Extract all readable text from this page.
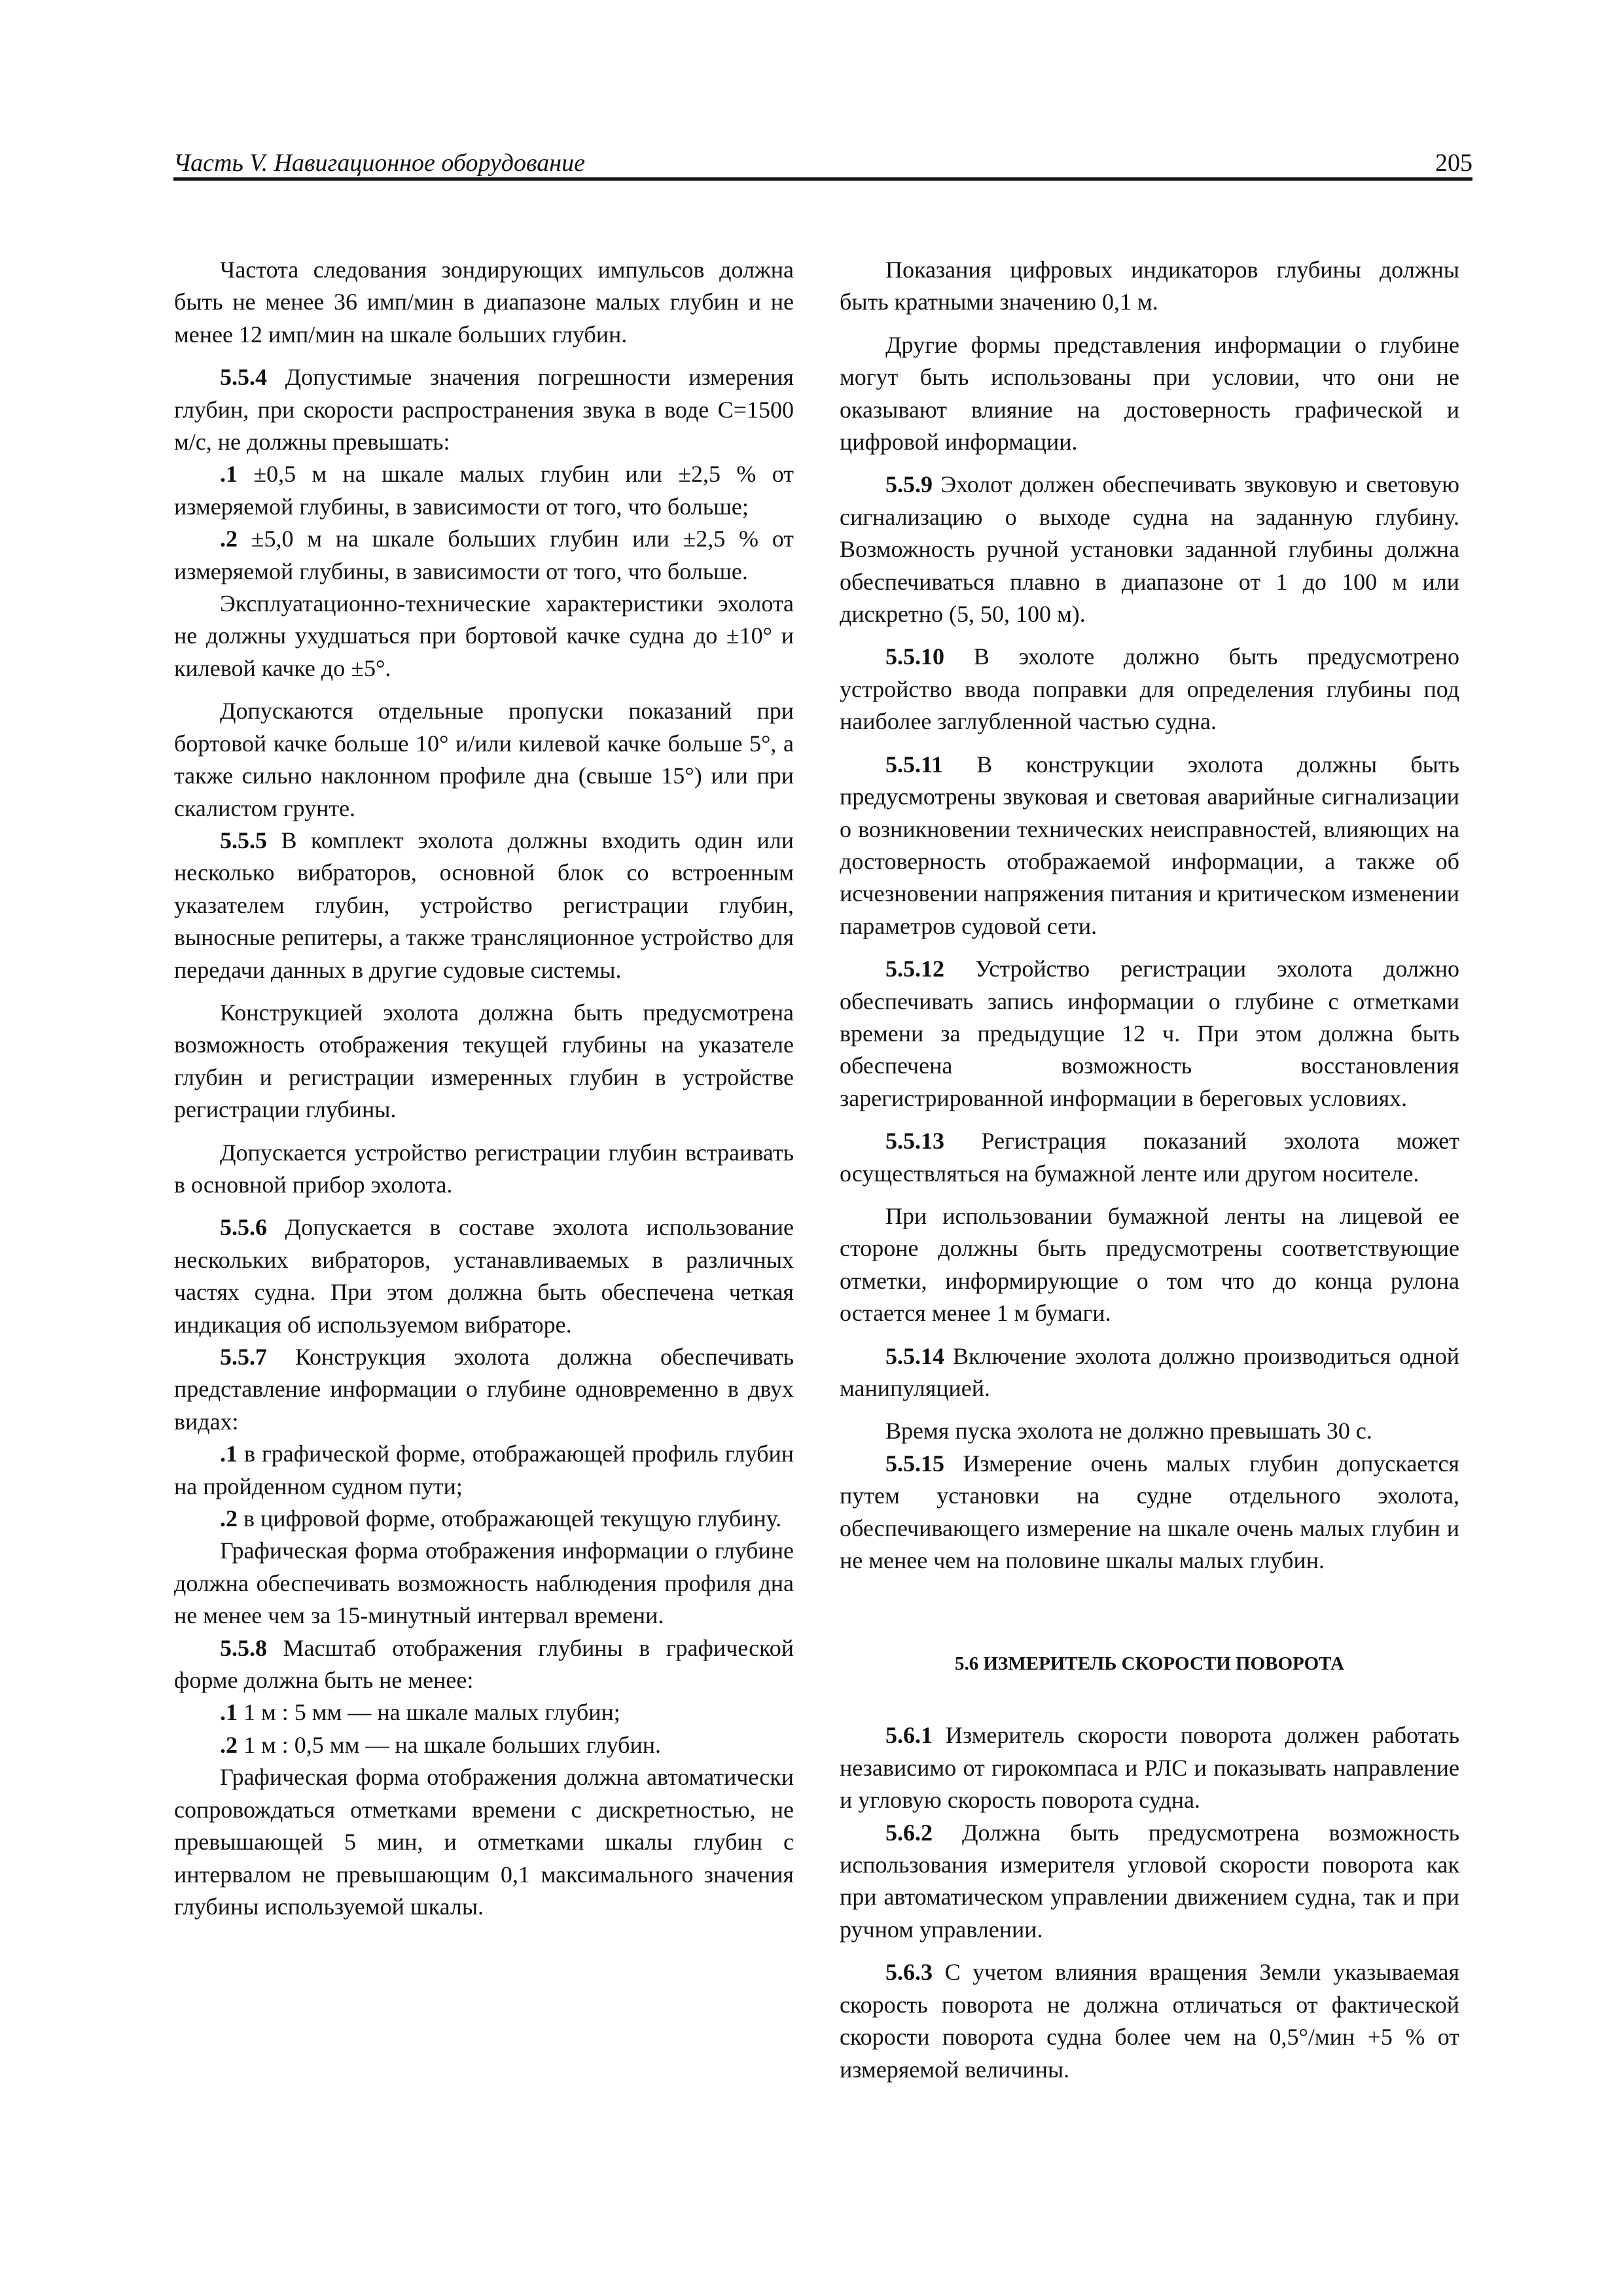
Часть V. Навигационное оборудование	205

Частота следования зондирующих импульсов должна быть не менее 36 имп/мин в диапазоне малых глубин и не менее 12 имп/мин на шкале больших глубин.

5.5.4 Допустимые значения погрешности измерения глубин, при скорости распространения звука в воде C=1500 м/с, не должны превышать:

.1 ±0,5 м на шкале малых глубин или ±2,5 % от измеряемой глубины, в зависимости от того, что больше;

.2 ±5,0 м на шкале больших глубин или ±2,5 % от измеряемой глубины, в зависимости от того, что больше.

Эксплуатационно-технические характеристики эхолота не должны ухудшаться при бортовой качке судна до ±10° и килевой качке до ±5°.

Допускаются отдельные пропуски показаний при бортовой качке больше 10° и/или килевой качке больше 5°, а также сильно наклонном профиле дна (свыше 15°) или при скалистом грунте.

5.5.5 В комплект эхолота должны входить один или несколько вибраторов, основной блок со встроенным указателем глубин, устройство регистрации глубин, выносные репитеры, а также трансляционное устройство для передачи данных в другие судовые системы.

Конструкцией эхолота должна быть предусмотрена возможность отображения текущей глубины на указателе глубин и регистрации измеренных глубин в устройстве регистрации глубины.

Допускается устройство регистрации глубин встраивать в основной прибор эхолота.

5.5.6 Допускается в составе эхолота использование нескольких вибраторов, устанавливаемых в различных частях судна. При этом должна быть обеспечена четкая индикация об используемом вибраторе.

5.5.7 Конструкция эхолота должна обеспечивать представление информации о глубине одновременно в двух видах:

.1 в графической форме, отображающей профиль глубин на пройденном судном пути;

.2 в цифровой форме, отображающей текущую глубину.

Графическая форма отображения информации о глубине должна обеспечивать возможность наблюдения профиля дна не менее чем за 15-минутный интервал времени.

5.5.8 Масштаб отображения глубины в графической форме должна быть не менее:

.1 1 м : 5 мм — на шкале малых глубин;

.2 1 м : 0,5 мм — на шкале больших глубин.

Графическая форма отображения должна автоматически сопровождаться отметками времени с дискретностью, не превышающей 5 мин, и отметками шкалы глубин с интервалом не превышающим 0,1 максимального значения глубины используемой шкалы.

Показания цифровых индикаторов глубины должны быть кратными значению 0,1 м.

Другие формы представления информации о глубине могут быть использованы при условии, что они не оказывают влияние на достоверность графической и цифровой информации.

5.5.9 Эхолот должен обеспечивать звуковую и световую сигнализацию о выходе судна на заданную глубину. Возможность ручной установки заданной глубины должна обеспечиваться плавно в диапазоне от 1 до 100 м или дискретно (5, 50, 100 м).

5.5.10 В эхолоте должно быть предусмотрено устройство ввода поправки для определения глубины под наиболее заглубленной частью судна.

5.5.11 В конструкции эхолота должны быть предусмотрены звуковая и световая аварийные сигнализации о возникновении технических неисправностей, влияющих на достоверность отображаемой информации, а также об исчезновении напряжения питания и критическом изменении параметров судовой сети.

5.5.12 Устройство регистрации эхолота должно обеспечивать запись информации о глубине с отметками времени за предыдущие 12 ч. При этом должна быть обеспечена возможность восстановления зарегистрированной информации в береговых условиях.

5.5.13 Регистрация показаний эхолота может осуществляться на бумажной ленте или другом носителе.

При использовании бумажной ленты на лицевой ее стороне должны быть предусмотрены соответствующие отметки, информирующие о том что до конца рулона остается менее 1 м бумаги.

5.5.14 Включение эхолота должно производиться одной манипуляцией.

Время пуска эхолота не должно превышать 30 с.

5.5.15 Измерение очень малых глубин допускается путем установки на судне отдельного эхолота, обеспечивающего измерение на шкале очень малых глубин и не менее чем на половине шкалы малых глубин.

5.6 ИЗМЕРИТЕЛЬ СКОРОСТИ ПОВОРОТА

5.6.1 Измеритель скорости поворота должен работать независимо от гирокомпаса и РЛС и показывать направление и угловую скорость поворота судна.

5.6.2 Должна быть предусмотрена возможность использования измерителя угловой скорости поворота как при автоматическом управлении движением судна, так и при ручном управлении.

5.6.3 С учетом влияния вращения Земли указываемая скорость поворота не должна отличаться от фактической скорости поворота судна более чем на 0,5°/мин +5 % от измеряемой величины.
